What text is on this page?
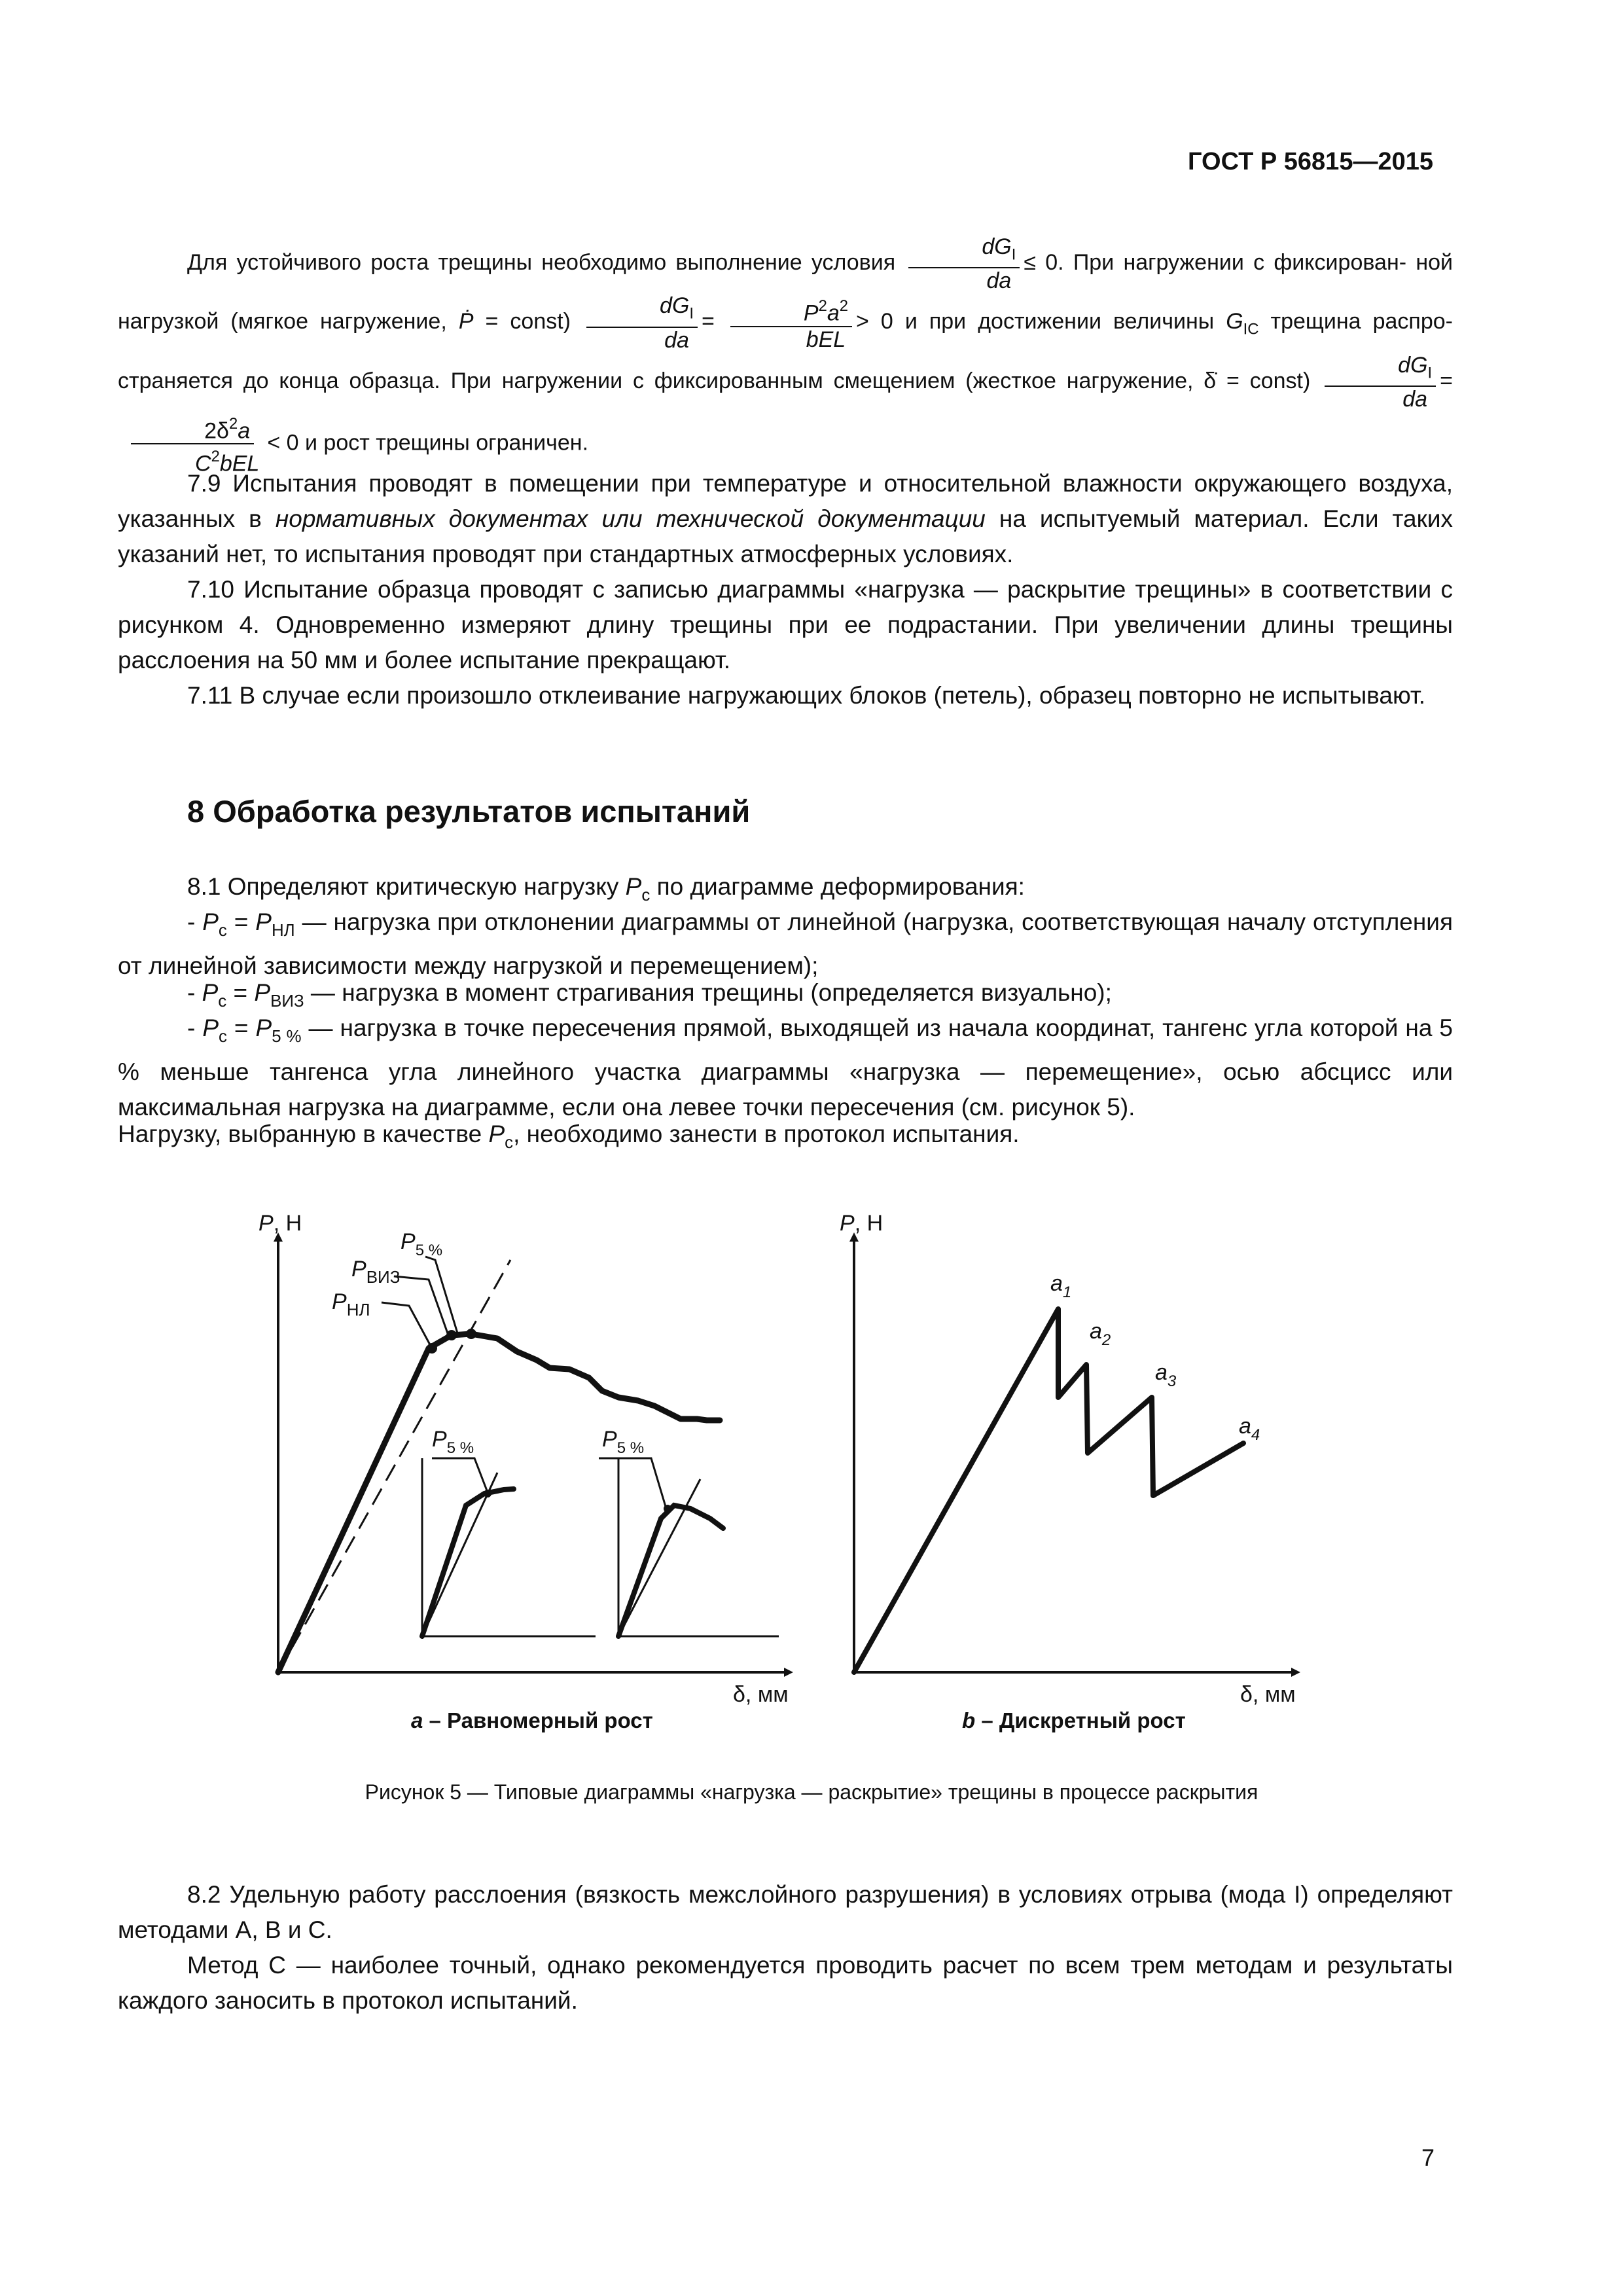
ГОСТ Р 56815—2015
Для устойчивого роста трещины необходимо выполнение условия $\frac{dG_I}{da} \le 0$. При нагружении с фиксирован- ной нагрузкой (мягкое нагружение, Ṗ = const) $\frac{dG_I}{da} = \frac{P^2a^2}{\text{bEL}} > 0$ и при достижении величины $G_{IC}$ трещина распро- страняется до конца образца. При нагружении с фиксированным смещением (жесткое нагружение, δ̇ = const) $\frac{dG_I}{da}$ =
$\frac{2\delta^2a}{C^2bEL} < 0$ и рост трещины ограничен.
7.9 Испытания проводят в помещении при температуре и относительной влажности окружающего воздуха, указанных в нормативных документах или технической документации на испытуемый материал. Если таких указаний нет, то испытания проводят при стандартных атмосферных условиях.
7.10 Испытание образца проводят с записью диаграммы «нагрузка — раскрытие трещины» в соответствии с рисунком 4. Одновременно измеряют длину трещины при ее подрастании. При увеличении длины трещины расслоения на 50 мм и более испытание прекращают.
7.11 В случае если произошло отклеивание нагружающих блоков (петель), образец повторно не испытывают.
8 Обработка результатов испытаний
8.1 Определяют критическую нагрузку $P_c$ по диаграмме деформирования:
- $P_c = P_{НЛ}$ — нагрузка при отклонении диаграммы от линейной (нагрузка, соответствующая началу отступления от линейной зависимости между нагрузкой и перемещением);
- $P_c = P_{ВИЗ}$ — нагрузка в момент страгивания трещины (определяется визуально);
- $P_c = P_{5 \%}$ — нагрузка в точке пересечения прямой, выходящей из начала координат, тангенс угла которой на 5 % меньше тангенса угла линейного участка диаграммы «нагрузка — перемещение», осью абсцисс или максимальная нагрузка на диаграмме, если она левее точки пересечения (см. рисунок 5).
Нагрузку, выбранную в качестве $P_c$, необходимо занести в протокол испытания.
P, Н
δ, мм
$P_{5 \%}$
$P_{ВИЗ}$
$P_{НЛ}$
$P_{5 \%}$	$P_{5 \%}$
P, Н
δ, мм
$a_1$
$a_2$
$a_3$
$a_4$
a – Равномерный рост	b – Дискретный рост
Рисунок 5 — Типовые диаграммы «нагрузка — раскрытие» трещины в процессе раскрытия
8.2 Удельную работу расслоения (вязкость межслойного разрушения) в условиях отрыва (мода I) определяют методами A, B и C.
Метод С — наиболее точный, однако рекомендуется проводить расчет по всем трем методам и результаты каждого заносить в протокол испытаний.
7
